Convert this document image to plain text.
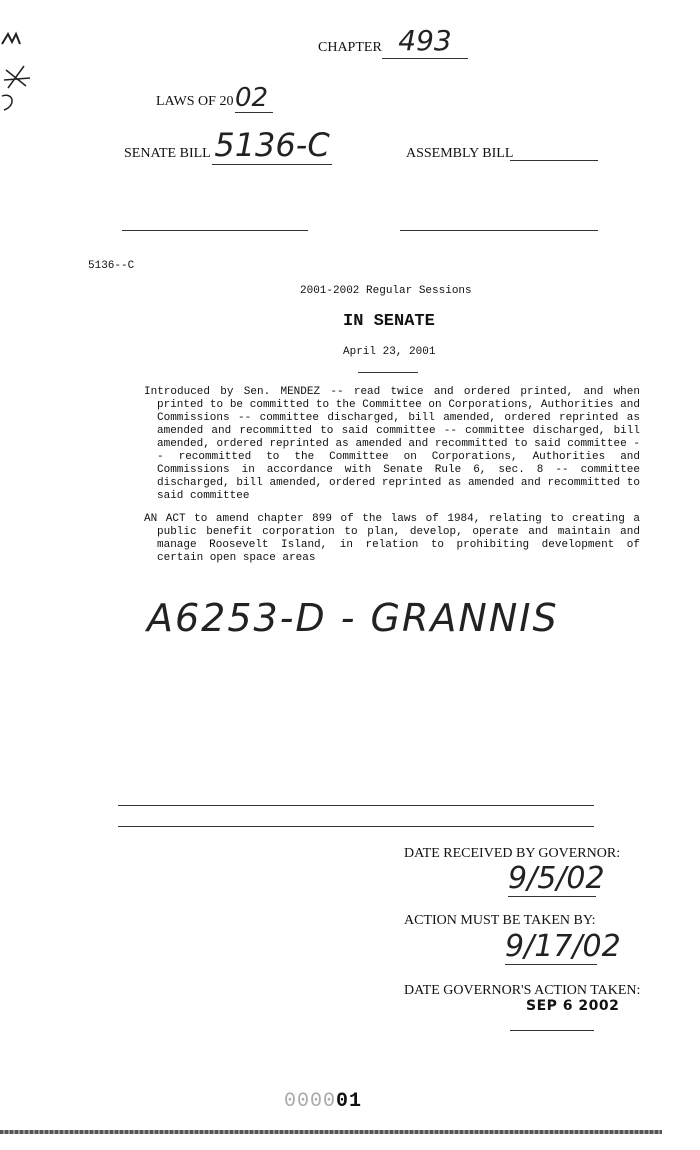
CHAPTER 493
LAWS OF 20 02
SENATE BILL 5136-C	ASSEMBLY BILL
5136--C
2001-2002 Regular Sessions
IN SENATE
April 23, 2001

Introduced by Sen. MENDEZ -- read twice and ordered printed, and when printed to be committed to the Committee on Corporations, Authorities and Commissions -- committee discharged, bill amended, ordered reprinted as amended and recommitted to said committee -- committee discharged, bill amended, ordered reprinted as amended and recommitted to said committee -- recommitted to the Committee on Corporations, Authorities and Commissions in accordance with Senate Rule 6, sec. 8 -- committee discharged, bill amended, ordered reprinted as amended and recommitted to said committee

AN ACT to amend chapter 899 of the laws of 1984, relating to creating a public benefit corporation to plan, develop, operate and maintain and manage Roosevelt Island, in relation to prohibiting development of certain open space areas

A6253-D - GRANNIS
DATE RECEIVED BY GOVERNOR:
9/5/02
ACTION MUST BE TAKEN BY:
9/17/02
DATE GOVERNOR'S ACTION TAKEN:
SEP 6 2002
000001
